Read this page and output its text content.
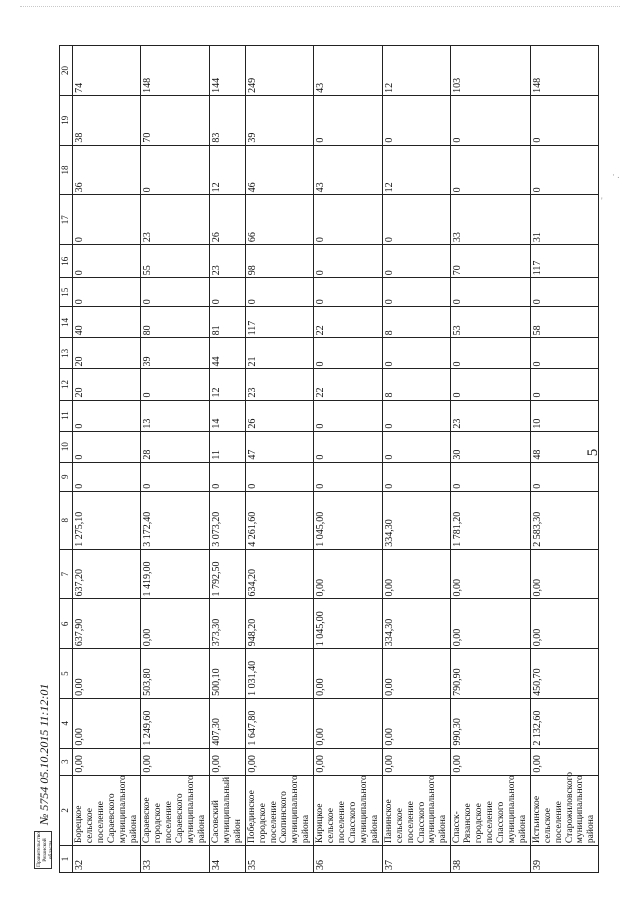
· .
'
5
1	2	3	4	5	6	7	8	9	10	11	12	13	14	15	16	17	18	19	20
32	Борецкое сельское поселение Сараевского муниципального района	0,00	0,00	0,00	637,90	637,20	1 275,10	0	0	0	20	20	40	0	0	0	36	38	74
33	Сараевское городское поселение Сараевского муниципального района	0,00	1 249,60	503,80	0,00	1 419,00	3 172,40	0	28	13	0	39	80	0	55	23	0	70	148
34	Сасовский муниципальный район	0,00	407,30	500,10	373,30	1 792,50	3 073,20	0	11	14	12	44	81	0	23	26	12	83	144
35	Побединское городское поселение Скопинского муниципального района	0,00	1 647,80	1 031,40	948,20	634,20	4 261,60	0	47	26	23	21	117	0	98	66	46	39	249
36	Кирицкое сельское поселение Спасского муниципального района	0,00	0,00	0,00	1 045,00	0,00	1 045,00	0	0	0	22	0	22	0	0	0	43	0	43
37	Панинское сельское поселение Спасского муниципального района	0,00	0,00	0,00	334,30	0,00	334,30	0	0	0	8	0	8	0	0	0	12	0	12
38	Спасск-Рязанское городское поселение Спасского муниципального района	0,00	990,30	790,90	0,00	0,00	1 781,20	0	30	23	0	0	53	0	70	33	0	0	103
39	Истьинское сельское поселение Старожиловского муниципального района	0,00	2 132,60	450,70	0,00	0,00	2 583,30	0	48	10	0	0	58	0	117	31	0	0	148
Правительство Рязанской области
№ 5754 05.10.2015 11:12:01
